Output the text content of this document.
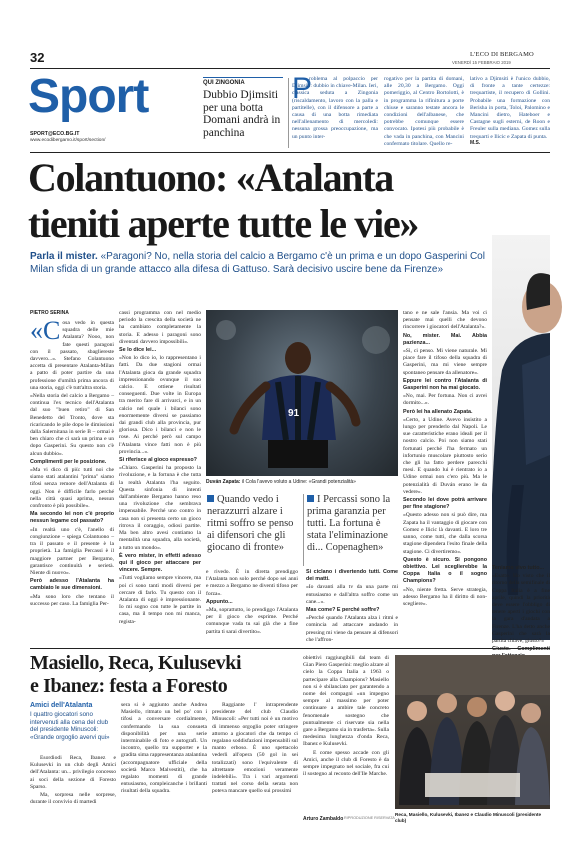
32	L'ECO DI BERGAMO
VENERDÌ 15 FEBBRAIO 2019
Sport
SPORT@ECO.BG.IT
www.ecodibergamo.it/sport/section/
QUI ZINGONIA
Dubbio Djimsiti per una botta Domani andrà in panchina
P
roblema al polpaccio per Djimsiti: dubbio in chiave-Milan. Ieri, classica seduta a Zingonia (riscaldamento, lavoro con la palla e partitelle), con il difensore a parte a causa di una botta rimediata nell'allenamento di mercoledì: nessuna grossa preoccupazione, ma un punto inter-
rogativo per la partita di domani, alle 20,30 a Bergamo. Oggi pomeriggio, al Centro Bortolotti, è in programma la rifinitura a porte chiuse e saranno testate ancora le condizioni dell'albanese, che potrebbe comunque essere convocato. Ipotesi più probabile è che vada in panchina, con Mancini confermato titolare. Quello re-
lativo a Djimsiti è l'unico dubbio, di fronte a tante certezze: trequartiste, il recupero di Gollini. Probabile una formazione con Berisha in porta, Toloi, Palomino e Mancini dietro, Hateboer e Castagne sugli esterni, de Roon e Freuler sulla mediana. Gomez sulla trequarti e Ilicic e Zapata di punta.
M.S.
Colantuono: «Atalanta
tieniti aperte tutte le vie»
Parla il mister. «Paragoni? No, nella storia del calcio a Bergamo c'è un prima e un dopo Gasperini Col Milan sfida di un grande attacco alla difesa di Gattuso. Sarà decisivo uscire bene da Firenze»
PIETRO SERINA

«Cosa vedo in questa squadra delle mie Atalanta? Nooo, non fate questi paragoni con il passato, sbagliereste davvero...». Stefano Colantuono accetta di presentare Atalanta-Milan a patto di poter partire da una professione d'umiltà prima ancora di una storia, oggi c'è tutt'altra storia.

«Nella storia del calcio a Bergamo – continua l'ex tecnico dell'Atalanta dal suo "buen retiro" di San Benedetto del Tronto, dove sta ricaricando le pile dopo le dimissioni dalla Salernitana in serie B – ormai è ben chiaro che ci sarà un prima e un dopo Gasperini. Su questo non c'è alcun dubbio».

Complimenti per le posizione.

«Ma vi dico di più: tutti noi che siamo stati atalantini "prima" siamo tifosi senza remore dell'Atalanta di oggi. Non è difficile farlo perché nella città quasi aprima, nessun confronto è più possibile».

Ma secondo lei non c'è proprio nessun legame col passato?

«In realtà uno c'è, l'anello di congiunzione – spiega Colantuono – tra il passato e il presente è la proprietà. La famiglia Percassi è il maggiore partner per Bergamo, garantisce continuità e serietà. Niente di nuovo».

Però adesso l'Atalanta ha cambiato le sue dimensioni.

«Ma sono loro che tentano il successo per caso. La famiglia Per-

cassi programma con nel medio periodo la crescita della società ne ha cambiato completamente la storia. E adesso i paragoni sono diventati davvero impossibili».

Se lo dice lei...

«Non lo dico io, lo rappresentano i fatti. Da due stagioni ormai l'Atalanta gioca da grande squadra impressionando ovunque il suo calcio. E ottiene risultati conseguenti. Due volte in Europa tra merito fare di arrivarci, e in un calcio nel quale i bilanci sono enormemente diversi se passiamo dai grandi club alla provincia, pur gloriosa. Dico i bilanci e non le rose. Ai perché però sul campo l'Atalanta vince fatti non è più provincia...».

Si riferisce al gioco espresso?

«Chiaro. Gasperini ha proposto la rivoluzione, e la fortuna è che tutta la realtà Atalanta l'ha seguito. Questa sinfonia di intenti dall'ambiente Bergamo hanno reso una rivoluzione che sembrava impensabile. Perché uno contro in casa non si presenta certo un gioco ritrova il coraggio, odiosi partite. Ma ben altro avesi contiamo la mentalità una squadra, alla società, a tutto un mondo».

È vero mister, in effetti adesso qui il gioco per attaccare per vincere. Sempre.

«Tutti vogliamo sempre vincere, ma poi ci sono tanti modi diversi per cercare di farlo. Tu questo con il Atalanta di oggi è impressionante. Io mi sogno con tutte le partite in casa, ma il tempo non mi manca, regista-

91
Duván Zapata: il Cola l'avevo voluto a Udine: «Grandi potenzialità»
Quando vedo i nerazzurri alzare i ritmi soffro se penso ai difensori che gli giocano di fronte»
I Percassi sono la prima garanzia per tutti. La fortuna è stata l'eliminazione di... Copenaghen»

e rivedo. È in diretta prendiggo l'Atalanta non solo perché dopo sei anni e mezzo a Bergamo ne diventi tifoso per forza».

Appunto...

«Ma, soprattutto, io prendiggo l'Atalanta per il gioco che esprime. Perché comunque vada tu sai già che a fine partita ti sarai divertito».

Si ciclano i divertendo tutti. Come dei matti.

«Io davanti alla tv da una parte mi entusiasmo e dall'altra soffro come un cane...».

Mas come? E perché soffre?

«Perché quando l'Atalanta alza i ritmi e comincia ad attaccare andando in pressing mi viene da pensare ai difensori che l'affron-

tano e ne sale l'ansia. Ma voi ci pensate mai quelli che devono rincorrere i giocatori dell'Atalanta?».

No, mister. Mai. Abbia pazienza...

«Sì, ci penso. Mi viene naturale. Mi piace fare il tifoso della squadra di Gasperini, ma mi viene sempre spontaneo pensare da allenatore».

Eppure lei contro l'Atalanta di Gasperini non ha mai giocato.

«No, mai. Per fortuna. Non ci avrei dormito...».

Però lei ha allenato Zapata.

«Certo, a Udine. Avevo insistito a lungo per prenderlo dal Napoli. Le sue caratteristiche erano ideali per il nostro calcio. Poi non siamo stati fortunati perché l'ha fermato un infortunio muscolare piuttosto serio che gli ha fatto perdere parecchi mesi. E quando lui è rientrato io a Udine ormai non c'ero più. Ma le potenzialità di Duván erano le da vedere».

Secondo lei dove potrà arrivare per fine stagione?

«Questo adesso non si può dire, ma Zapata ha il vantaggio di giocare con Gomez e Ilicic là davanti. E loro tre sanno, come tutti, che dalla scorsa stagione dipendera l'esito finale della stagione. Ci divertiremo».

Questo è sicuro. Si pongono obiettivo. Lei sceglierebbe la Coppa Italia o il sogno Champions?

«No, niente fretta. Serve strategia, adesso Bergamo ha il diritto di non-scegliere».

Teniamo vivo tutto...

«Esatto. Ho visto che il ritorno della semifinale di Coppa Italia è a fine aprile, quindi la priorità deve essere l'obbligo di tenere aperti i giochi con la gara d'andata a Firenze. L'ha detto anche Gasperini che sarà la partita chiave, giusto?»

Giusto. Complimenti

Masiello, Reca, Kulusevki
e Ibanez: festa a Foresto
Amici dell'Atalanta
I quattro giocatori sono intervenuti alla cena del club del presidente Minuscoli: «Grande orgoglio avervi qui»

Esordiodi Reca, Ibanez e Kulusevki in un club degli Amici dell'Atalanta: un... privilegio concesso ai soci della sezione di Foresto Sparso.

Ma, sorpresa nelle sorprese, durante il convivio di martedì

sera si è aggiunto anche Andrea Masiello, ritmato un bel po' con i tifosi a conversare cordialmente, confermando la sua consueta disponibilità per una serie interminabile di foto e autografi. Un incontro, quello tra supporter e la gradita sima rappresentanza atalantina (accompagnatore ufficiale della società Marco Malvestiti), che ha regalato momenti di grande entusiasmo, compleicanche i brillanti risultati della squadra.
Raggiante l' intraprendente presidente del club Claudio Minuscoli: «Per tutti noi è un motivo di immenso orgoglio poter stringere attorno a giocatori che da tempo ci regalano soddisfazioni impensabili sul manto erboso. È uno spettacolo vederli all'opera (50 gol in sei totalizzati) sono l'equivalente di altrettante emozioni veramente indelebili». Tra i vari argomenti trattati nel corso della serata non poteva mancare quello sui prossimi

obiettivi raggiungibili dal team di Gian Piero Gasperini: meglio alzare al cielo la Coppa Italia a 1963 o partecipare alla Champions? Masiello non si è sbilanciato per garantendo a nome dei compagni «un impegno sempre al massimo per poter continuare a ambire tale concreto fenomenale sostegno che puntualmente ci riservate sia nella gare a Bergamo sia in trasferta». Sulla medesima lunghezza d'onda Reca, Ibanez e Kulusevki.

E come spesso accade con gli Amici, anche il club di Foresto è da sempre impegnato nel sociale, fra cui il sostegno al reconto dell'Ile Marche.

Arturo Zambaldo RIPRODUZIONE RISERVATA
Reca, Masiello, Kulusevki, Ibanez e Claudio Minuscoli (presidente club)
